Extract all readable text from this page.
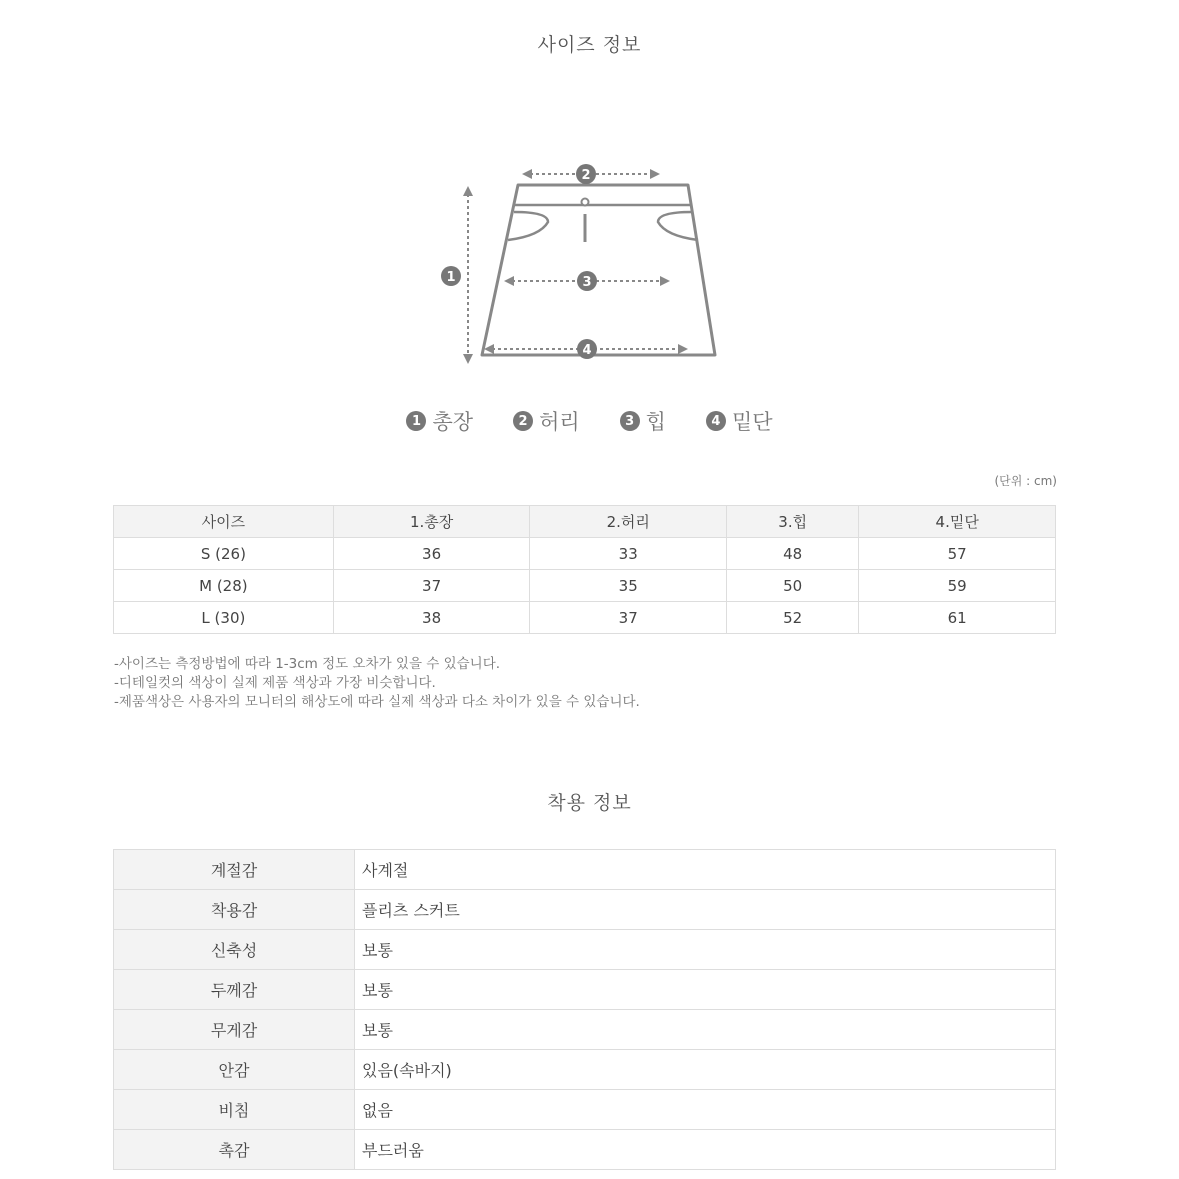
사이즈 정보
1
2
3
4
1 총장	2 허리	3 힙	4 밑단
(단위 : cm)
사이즈	1.총장	2.허리	3.힙	4.밑단
S (26)	36	33	48	57
M (28)	37	35	50	59
L (30)	38	37	52	61
-사이즈는 측정방법에 따라 1-3cm 정도 오차가 있을 수 있습니다.
-디테일컷의 색상이 실제 제품 색상과 가장 비슷합니다.
-제품색상은 사용자의 모니터의 해상도에 따라 실제 색상과 다소 차이가 있을 수 있습니다.
착용 정보
계절감	사계절
착용감	플리츠 스커트
신축성	보통
두께감	보통
무게감	보통
안감	있음(속바지)
비침	없음
촉감	부드러움
